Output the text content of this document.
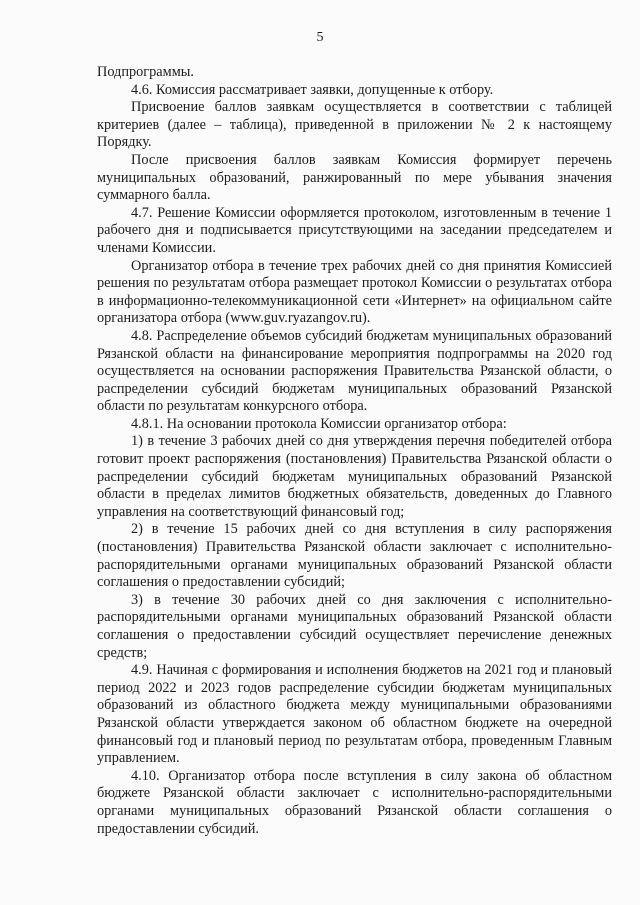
5

Подпрограммы.

4.6. Комиссия рассматривает заявки, допущенные к отбору.

Присвоение баллов заявкам осуществляется в соответствии с таблицей критериев (далее – таблица), приведенной в приложении № 2 к настоящему Порядку.

После присвоения баллов заявкам Комиссия формирует перечень муниципальных образований, ранжированный по мере убывания значения суммарного балла.

4.7. Решение Комиссии оформляется протоколом, изготовленным в течение 1 рабочего дня и подписывается присутствующими на заседании председателем и членами Комиссии.

Организатор отбора в течение трех рабочих дней со дня принятия Комиссией решения по результатам отбора размещает протокол Комиссии о результатах отбора в информационно-телекоммуникационной сети «Интернет» на официальном сайте организатора отбора (www.guv.ryazangov.ru).

4.8. Распределение объемов субсидий бюджетам муниципальных образований Рязанской области на финансирование мероприятия подпрограммы на 2020 год осуществляется на основании распоряжения Правительства Рязанской области, о распределении субсидий бюджетам муниципальных образований Рязанской области по результатам конкурсного отбора.

4.8.1. На основании протокола Комиссии организатор отбора:

1) в течение 3 рабочих дней со дня утверждения перечня победителей отбора готовит проект распоряжения (постановления) Правительства Рязанской области о распределении субсидий бюджетам муниципальных образований Рязанской области в пределах лимитов бюджетных обязательств, доведенных до Главного управления на соответствующий финансовый год;

2) в течение 15 рабочих дней со дня вступления в силу распоряжения (постановления) Правительства Рязанской области заключает с исполнительно-распорядительными органами муниципальных образований Рязанской области соглашения о предоставлении субсидий;

3) в течение 30 рабочих дней со дня заключения с исполнительно-распорядительными органами муниципальных образований Рязанской области соглашения о предоставлении субсидий осуществляет перечисление денежных средств;

4.9. Начиная с формирования и исполнения бюджетов на 2021 год и плановый период 2022 и 2023 годов распределение субсидии бюджетам муниципальных образований из областного бюджета между муниципальными образованиями Рязанской области утверждается законом об областном бюджете на очередной финансовый год и плановый период по результатам отбора, проведенным Главным управлением.

4.10. Организатор отбора после вступления в силу закона об областном бюджете Рязанской области заключает с исполнительно-распорядительными органами муниципальных образований Рязанской области соглашения о предоставлении субсидий.
